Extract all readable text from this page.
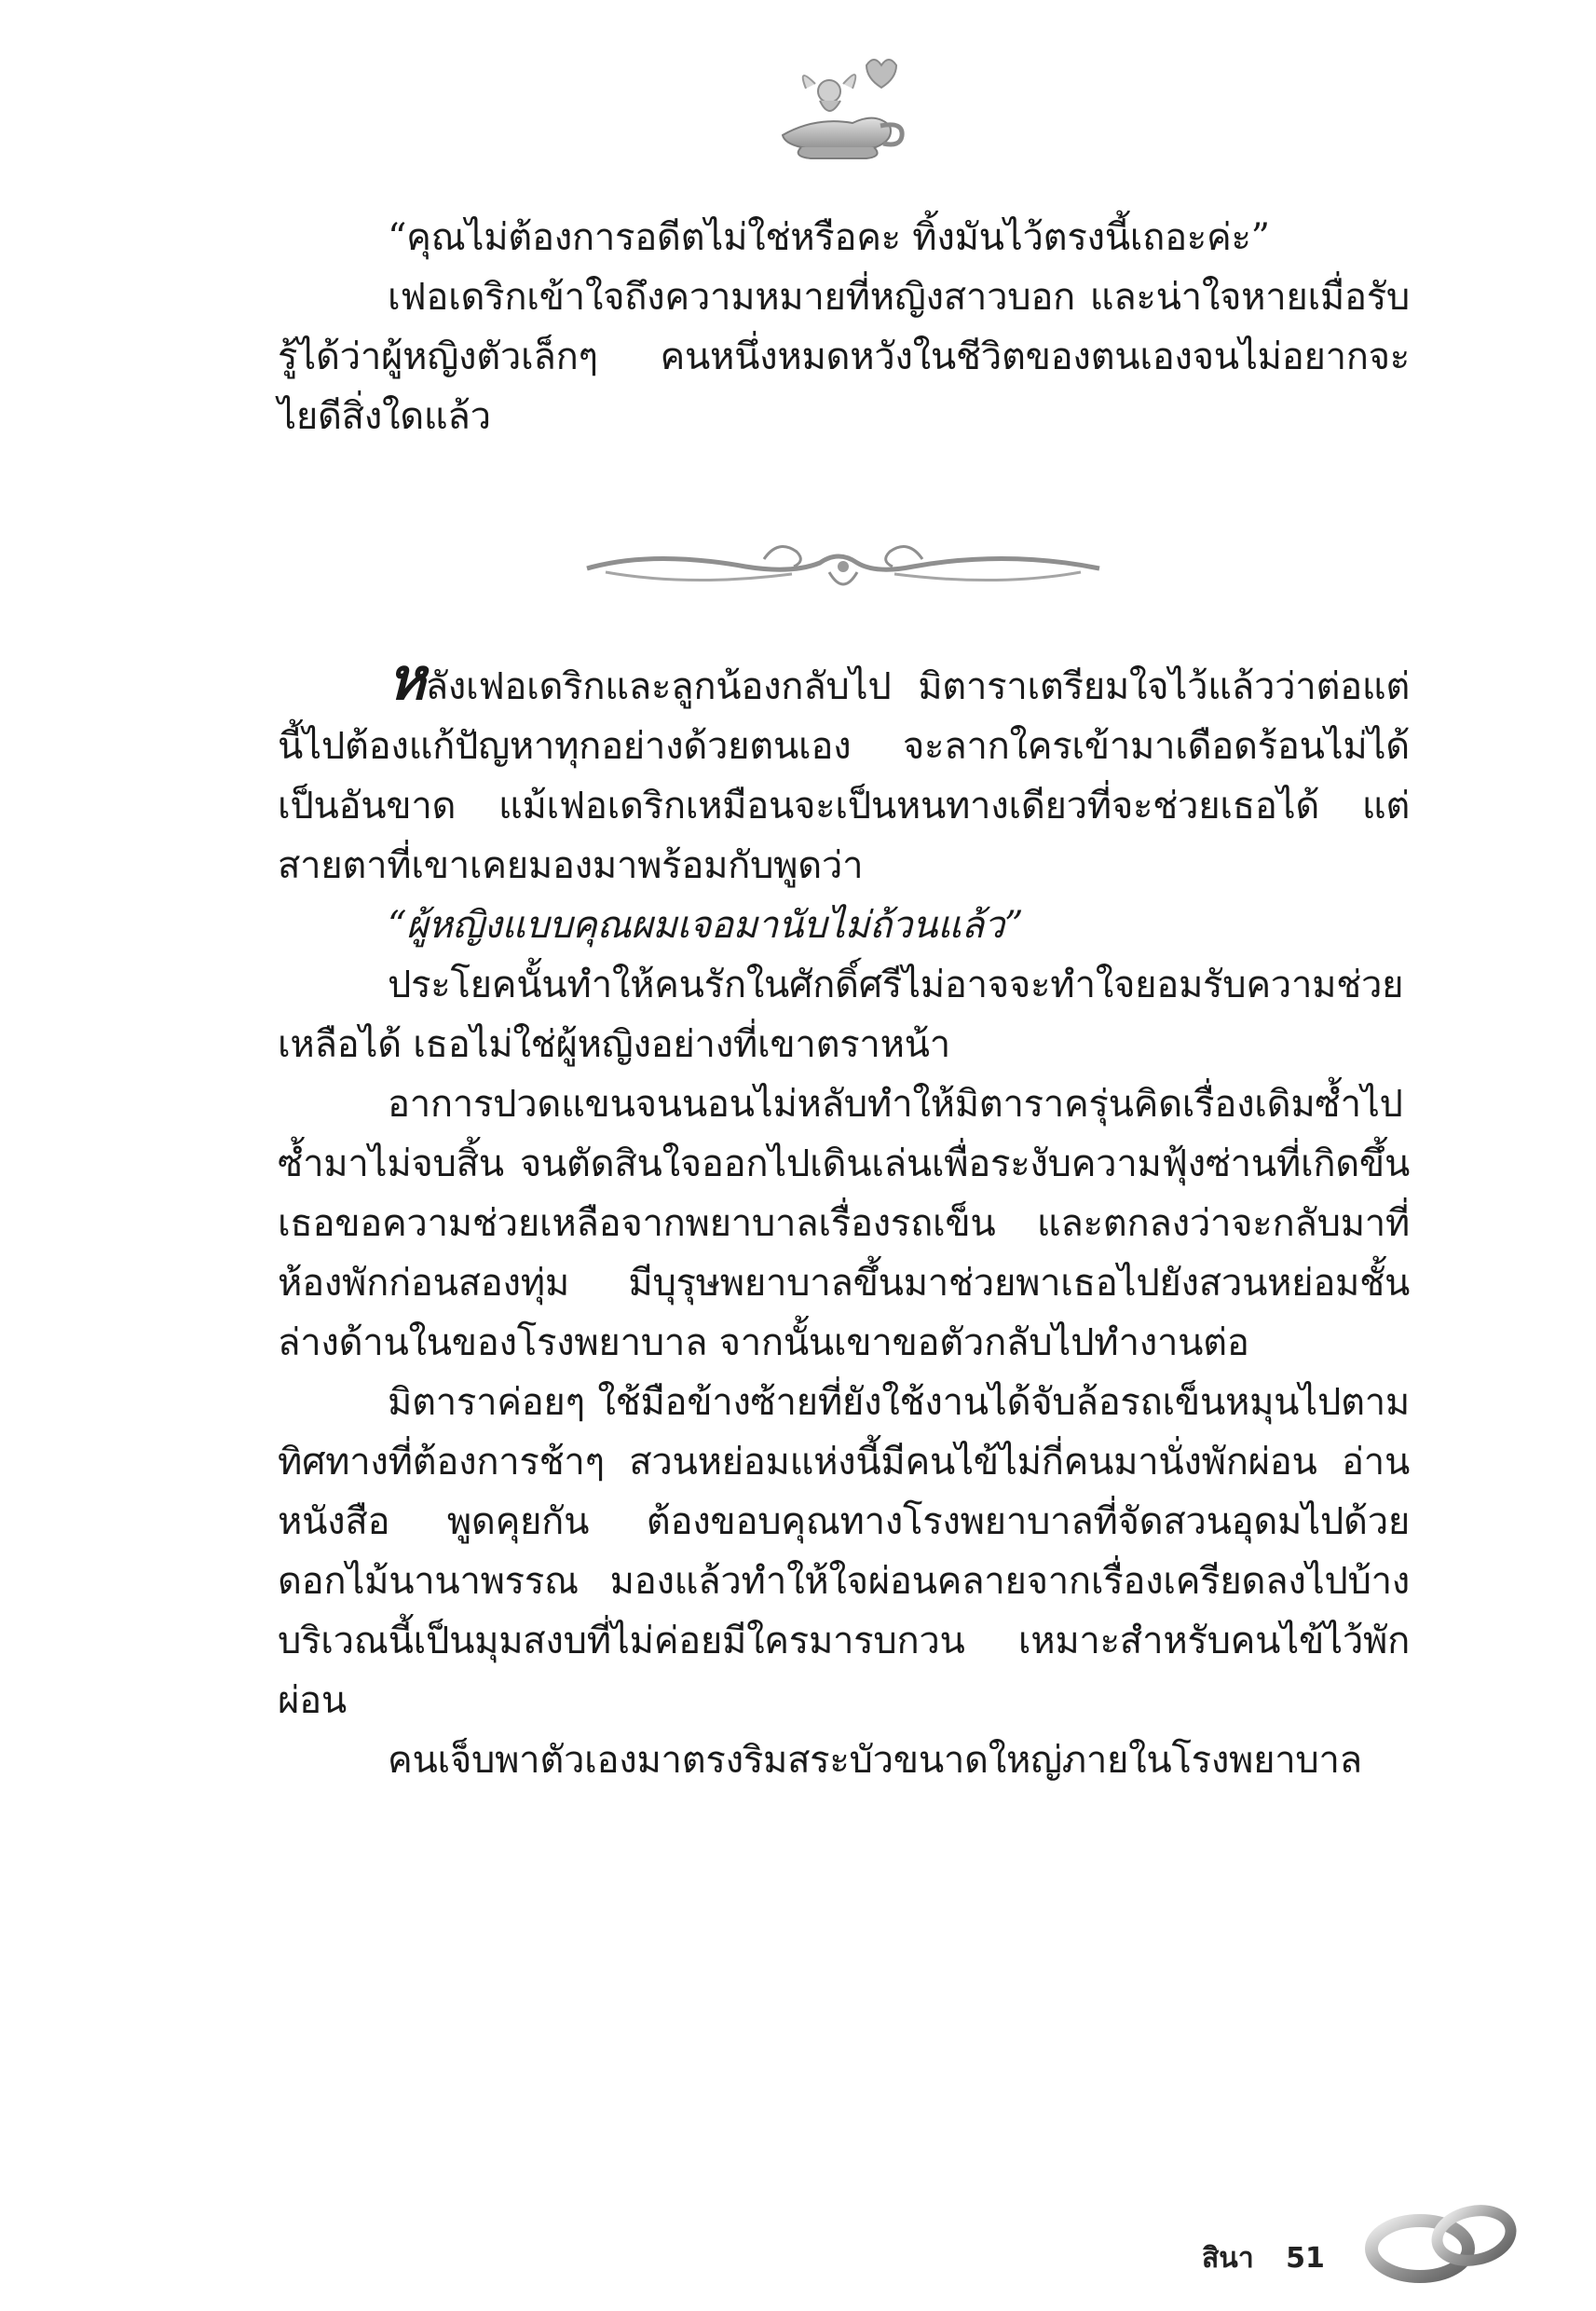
“คุณไม่ต้องการอดีตไม่ใช่หรือคะ ทิ้งมันไว้ตรงนี้เถอะค่ะ”

เฟอเดริกเข้าใจถึงความหมายที่หญิงสาวบอก และน่าใจหายเมื่อรับรู้ได้ว่าผู้หญิงตัวเล็กๆ คนหนึ่งหมดหวังในชีวิตของตนเองจนไม่อยากจะไยดีสิ่งใดแล้ว

หลังเฟอเดริกและลูกน้องกลับไป มิตาราเตรียมใจไว้แล้วว่าต่อแต่นี้ไปต้องแก้ปัญหาทุกอย่างด้วยตนเอง จะลากใครเข้ามาเดือดร้อนไม่ได้เป็นอันขาด แม้เฟอเดริกเหมือนจะเป็นหนทางเดียวที่จะช่วยเธอได้ แต่สายตาที่เขาเคยมองมาพร้อมกับพูดว่า

“ผู้หญิงแบบคุณผมเจอมานับไม่ถ้วนแล้ว”

ประโยคนั้นทำให้คนรักในศักดิ์ศรีไม่อาจจะทำใจยอมรับความช่วยเหลือได้ เธอไม่ใช่ผู้หญิงอย่างที่เขาตราหน้า

อาการปวดแขนจนนอนไม่หลับทำให้มิตาราครุ่นคิดเรื่องเดิมซ้ำไปซ้ำมาไม่จบสิ้น จนตัดสินใจออกไปเดินเล่นเพื่อระงับความฟุ้งซ่านที่เกิดขึ้น เธอขอความช่วยเหลือจากพยาบาลเรื่องรถเข็น และตกลงว่าจะกลับมาที่ห้องพักก่อนสองทุ่ม มีบุรุษพยาบาลขึ้นมาช่วยพาเธอไปยังสวนหย่อมชั้นล่างด้านในของโรงพยาบาล จากนั้นเขาขอตัวกลับไปทำงานต่อ

มิตาราค่อยๆ ใช้มือข้างซ้ายที่ยังใช้งานได้จับล้อรถเข็นหมุนไปตามทิศทางที่ต้องการช้าๆ สวนหย่อมแห่งนี้มีคนไข้ไม่กี่คนมานั่งพักผ่อน อ่านหนังสือ พูดคุยกัน ต้องขอบคุณทางโรงพยาบาลที่จัดสวนอุดมไปด้วยดอกไม้นานาพรรณ มองแล้วทำให้ใจผ่อนคลายจากเรื่องเครียดลงไปบ้าง บริเวณนี้เป็นมุมสงบที่ไม่ค่อยมีใครมารบกวน เหมาะสำหรับคนไข้ไว้พักผ่อน

คนเจ็บพาตัวเองมาตรงริมสระบัวขนาดใหญ่ภายในโรงพยาบาล

สินา 51
